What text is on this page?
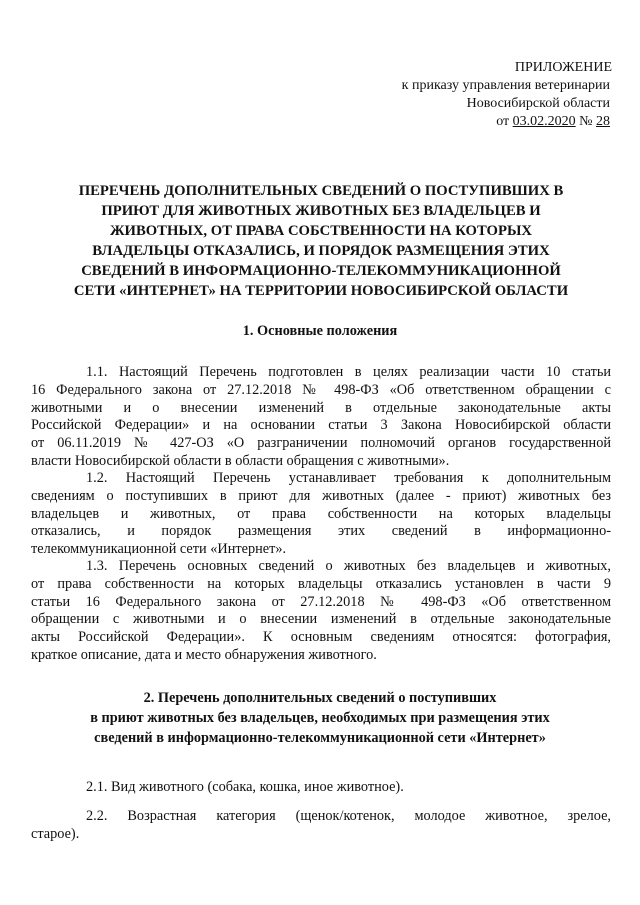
ПРИЛОЖЕНИЕ
к приказу управления ветеринарии
Новосибирской области
от 03.02.2020 № 28
ПЕРЕЧЕНЬ ДОПОЛНИТЕЛЬНЫХ СВЕДЕНИЙ О ПОСТУПИВШИХ В
ПРИЮТ ДЛЯ ЖИВОТНЫХ ЖИВОТНЫХ БЕЗ ВЛАДЕЛЬЦЕВ И
ЖИВОТНЫХ, ОТ ПРАВА СОБСТВЕННОСТИ НА КОТОРЫХ
ВЛАДЕЛЬЦЫ ОТКАЗАЛИСЬ, И ПОРЯДОК РАЗМЕЩЕНИЯ ЭТИХ
СВЕДЕНИЙ В ИНФОРМАЦИОННО-ТЕЛЕКОММУНИКАЦИОННОЙ
СЕТИ «ИНТЕРНЕТ» НА ТЕРРИТОРИИ НОВОСИБИРСКОЙ ОБЛАСТИ
1. Основные положения
1.1. Настоящий Перечень подготовлен в целях реализации части 10 статьи
16 Федерального закона от 27.12.2018 № 498-ФЗ «Об ответственном обращении с
животными и о внесении изменений в отдельные законодательные акты
Российской Федерации» и на основании статьи 3 Закона Новосибирской области
от 06.11.2019 № 427-ОЗ «О разграничении полномочий органов государственной
власти Новосибирской области в области обращения с животными».
1.2. Настоящий Перечень устанавливает требования к дополнительным
сведениям о поступивших в приют для животных (далее - приют) животных без
владельцев и животных, от права собственности на которых владельцы
отказались, и порядок размещения этих сведений в информационно-
телекоммуникационной сети «Интернет».
1.3. Перечень основных сведений о животных без владельцев и животных,
от права собственности на которых владельцы отказались установлен в части 9
статьи 16 Федерального закона от 27.12.2018 № 498-ФЗ «Об ответственном
обращении с животными и о внесении изменений в отдельные законодательные
акты Российской Федерации». К основным сведениям относятся: фотография,
краткое описание, дата и место обнаружения животного.
2. Перечень дополнительных сведений о поступивших
в приют животных без владельцев, необходимых при размещения этих
сведений в информационно-телекоммуникационной сети «Интернет»
2.1. Вид животного (собака, кошка, иное животное).
2.2. Возрастная категория (щенок/котенок, молодое животное, зрелое,
старое).
